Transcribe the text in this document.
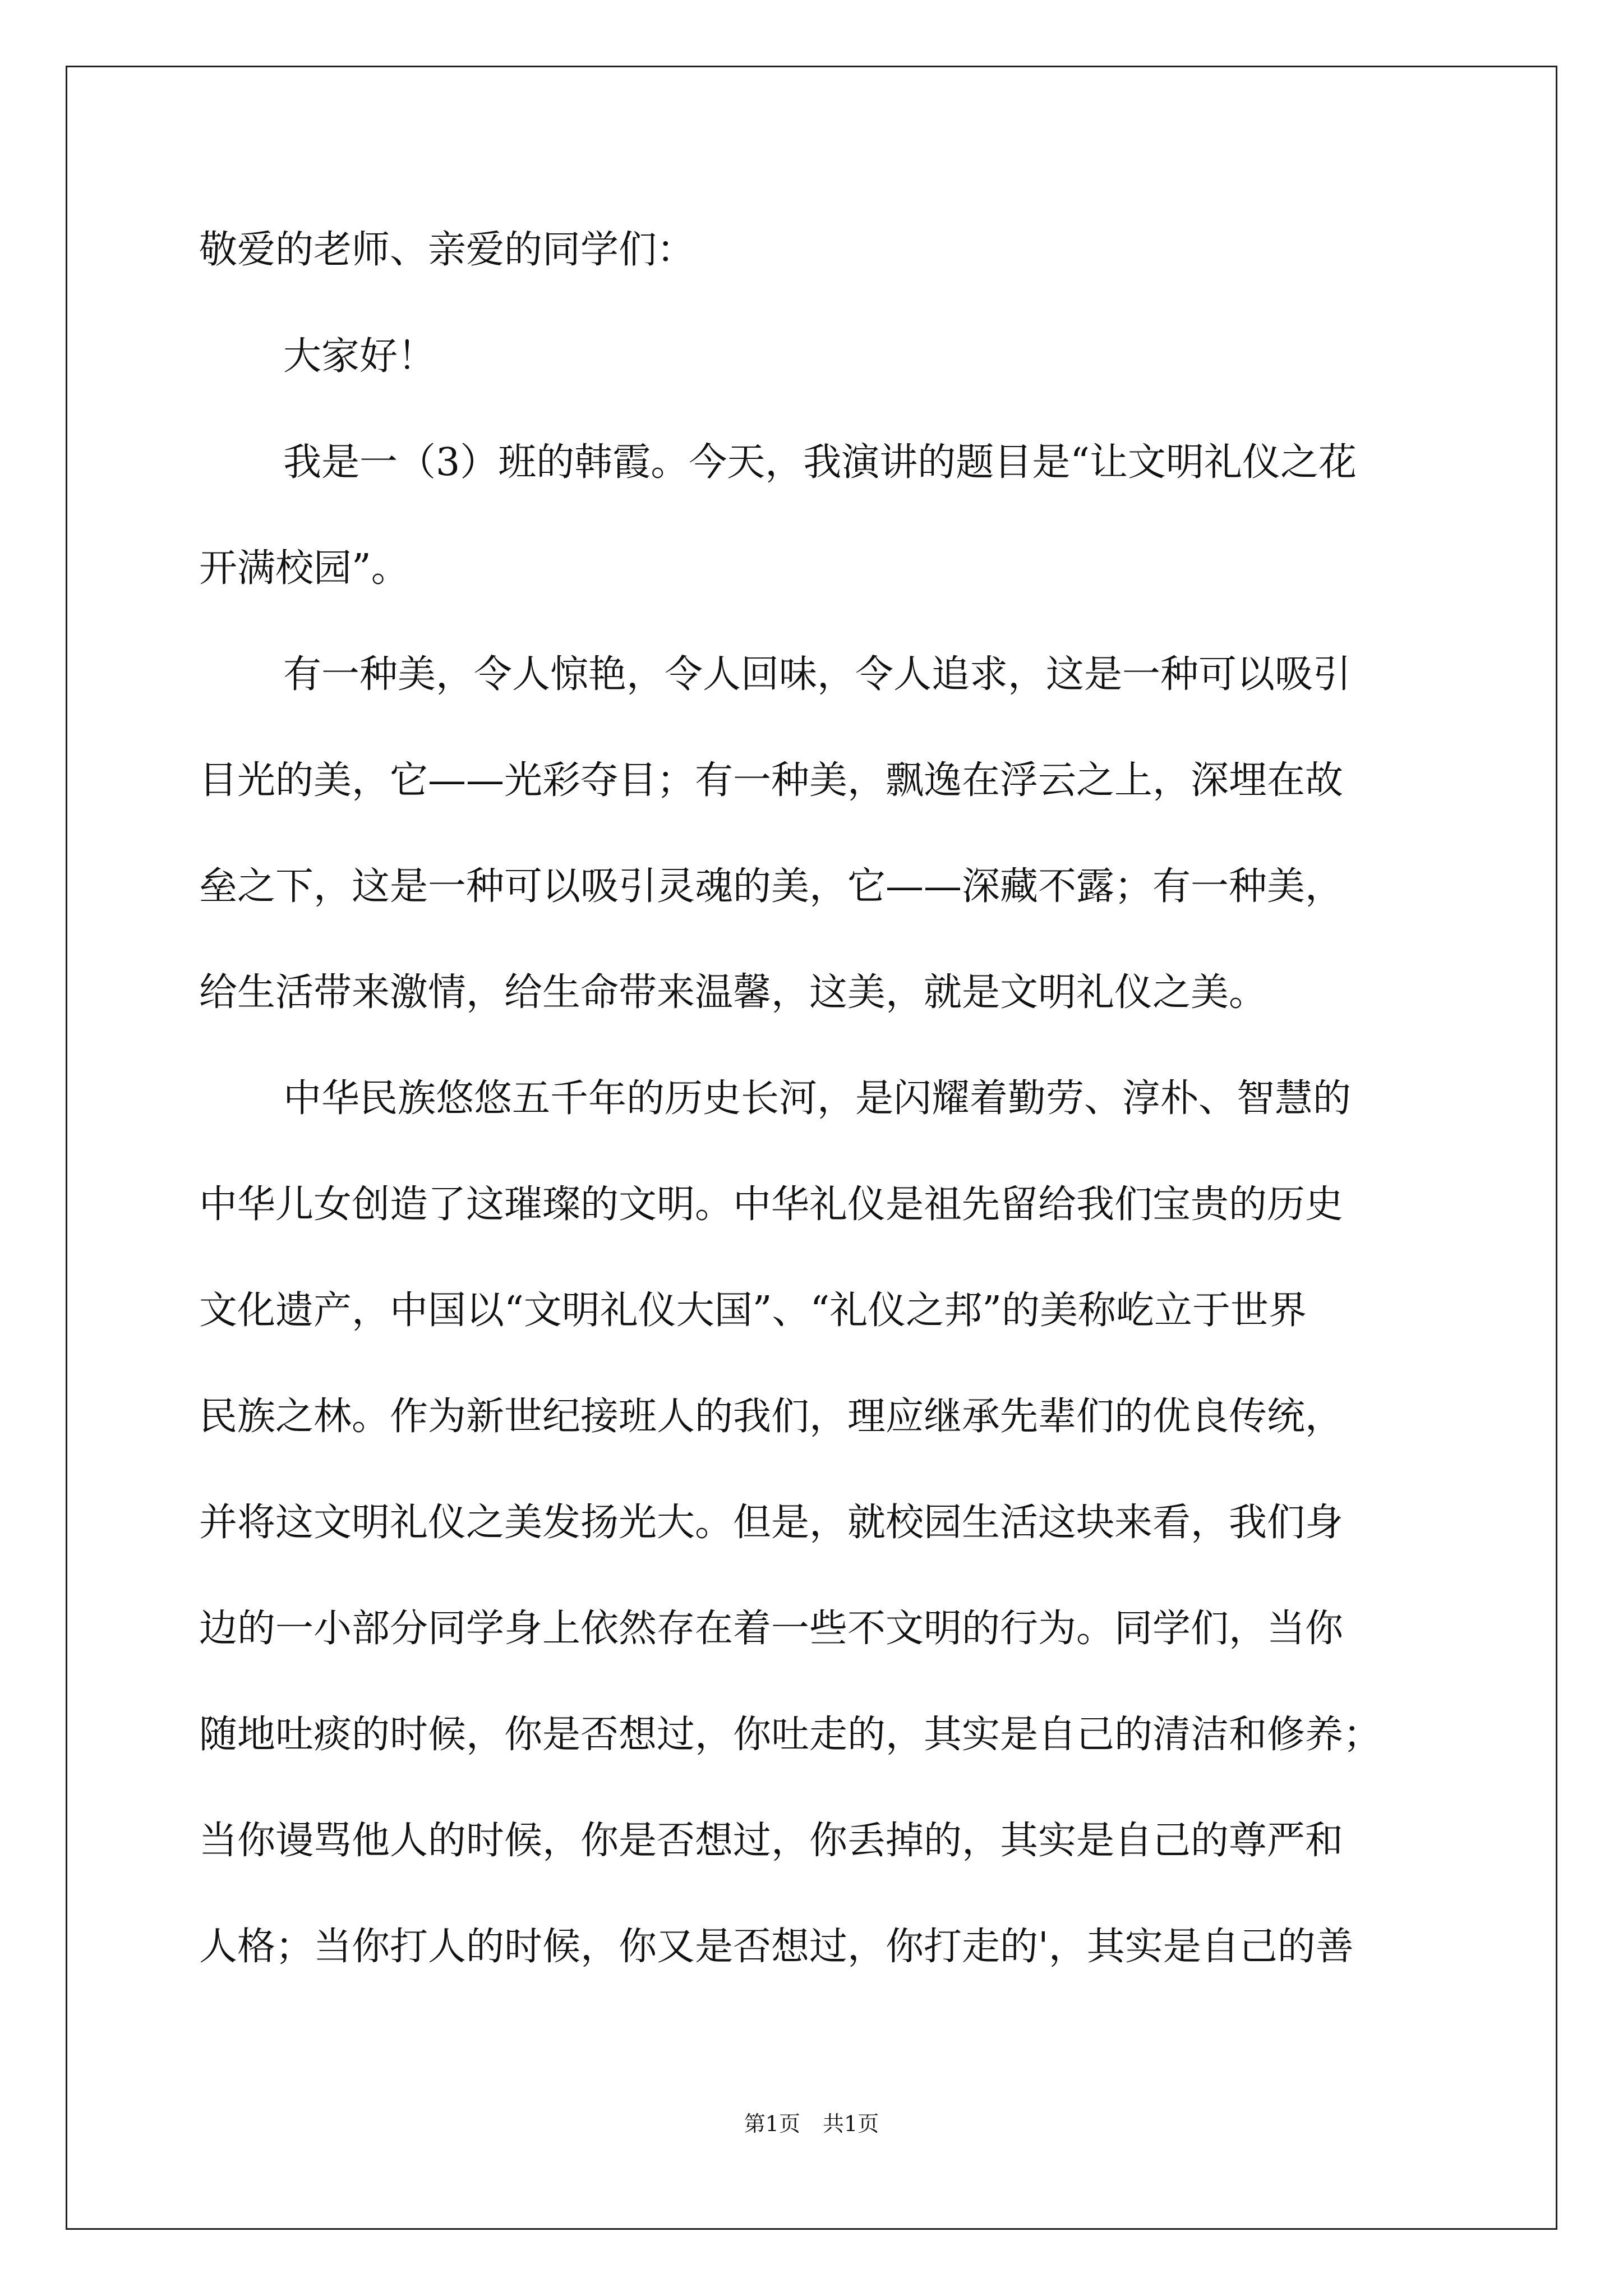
敬爱的老师、亲爱的同学们：
大家好！
我是一（3）班的韩霞。今天，我演讲的题目是“让文明礼仪之花
开满校园”。
有一种美，令人惊艳，令人回味，令人追求，这是一种可以吸引
目光的美，它——光彩夺目；有一种美，飘逸在浮云之上，深埋在故
垒之下，这是一种可以吸引灵魂的美，它——深藏不露；有一种美，
给生活带来激情，给生命带来温馨，这美，就是文明礼仪之美。
中华民族悠悠五千年的历史长河，是闪耀着勤劳、淳朴、智慧的
中华儿女创造了这璀璨的文明。中华礼仪是祖先留给我们宝贵的历史
文化遗产，中国以“文明礼仪大国”、“礼仪之邦”的美称屹立于世界
民族之林。作为新世纪接班人的我们，理应继承先辈们的优良传统，
并将这文明礼仪之美发扬光大。但是，就校园生活这块来看，我们身
边的一小部分同学身上依然存在着一些不文明的行为。同学们，当你
随地吐痰的时候，你是否想过，你吐走的，其实是自己的清洁和修养；
当你谩骂他人的时候，你是否想过，你丢掉的，其实是自己的尊严和
人格；当你打人的时候，你又是否想过，你打走的'，其实是自己的善
第1页 共1页
